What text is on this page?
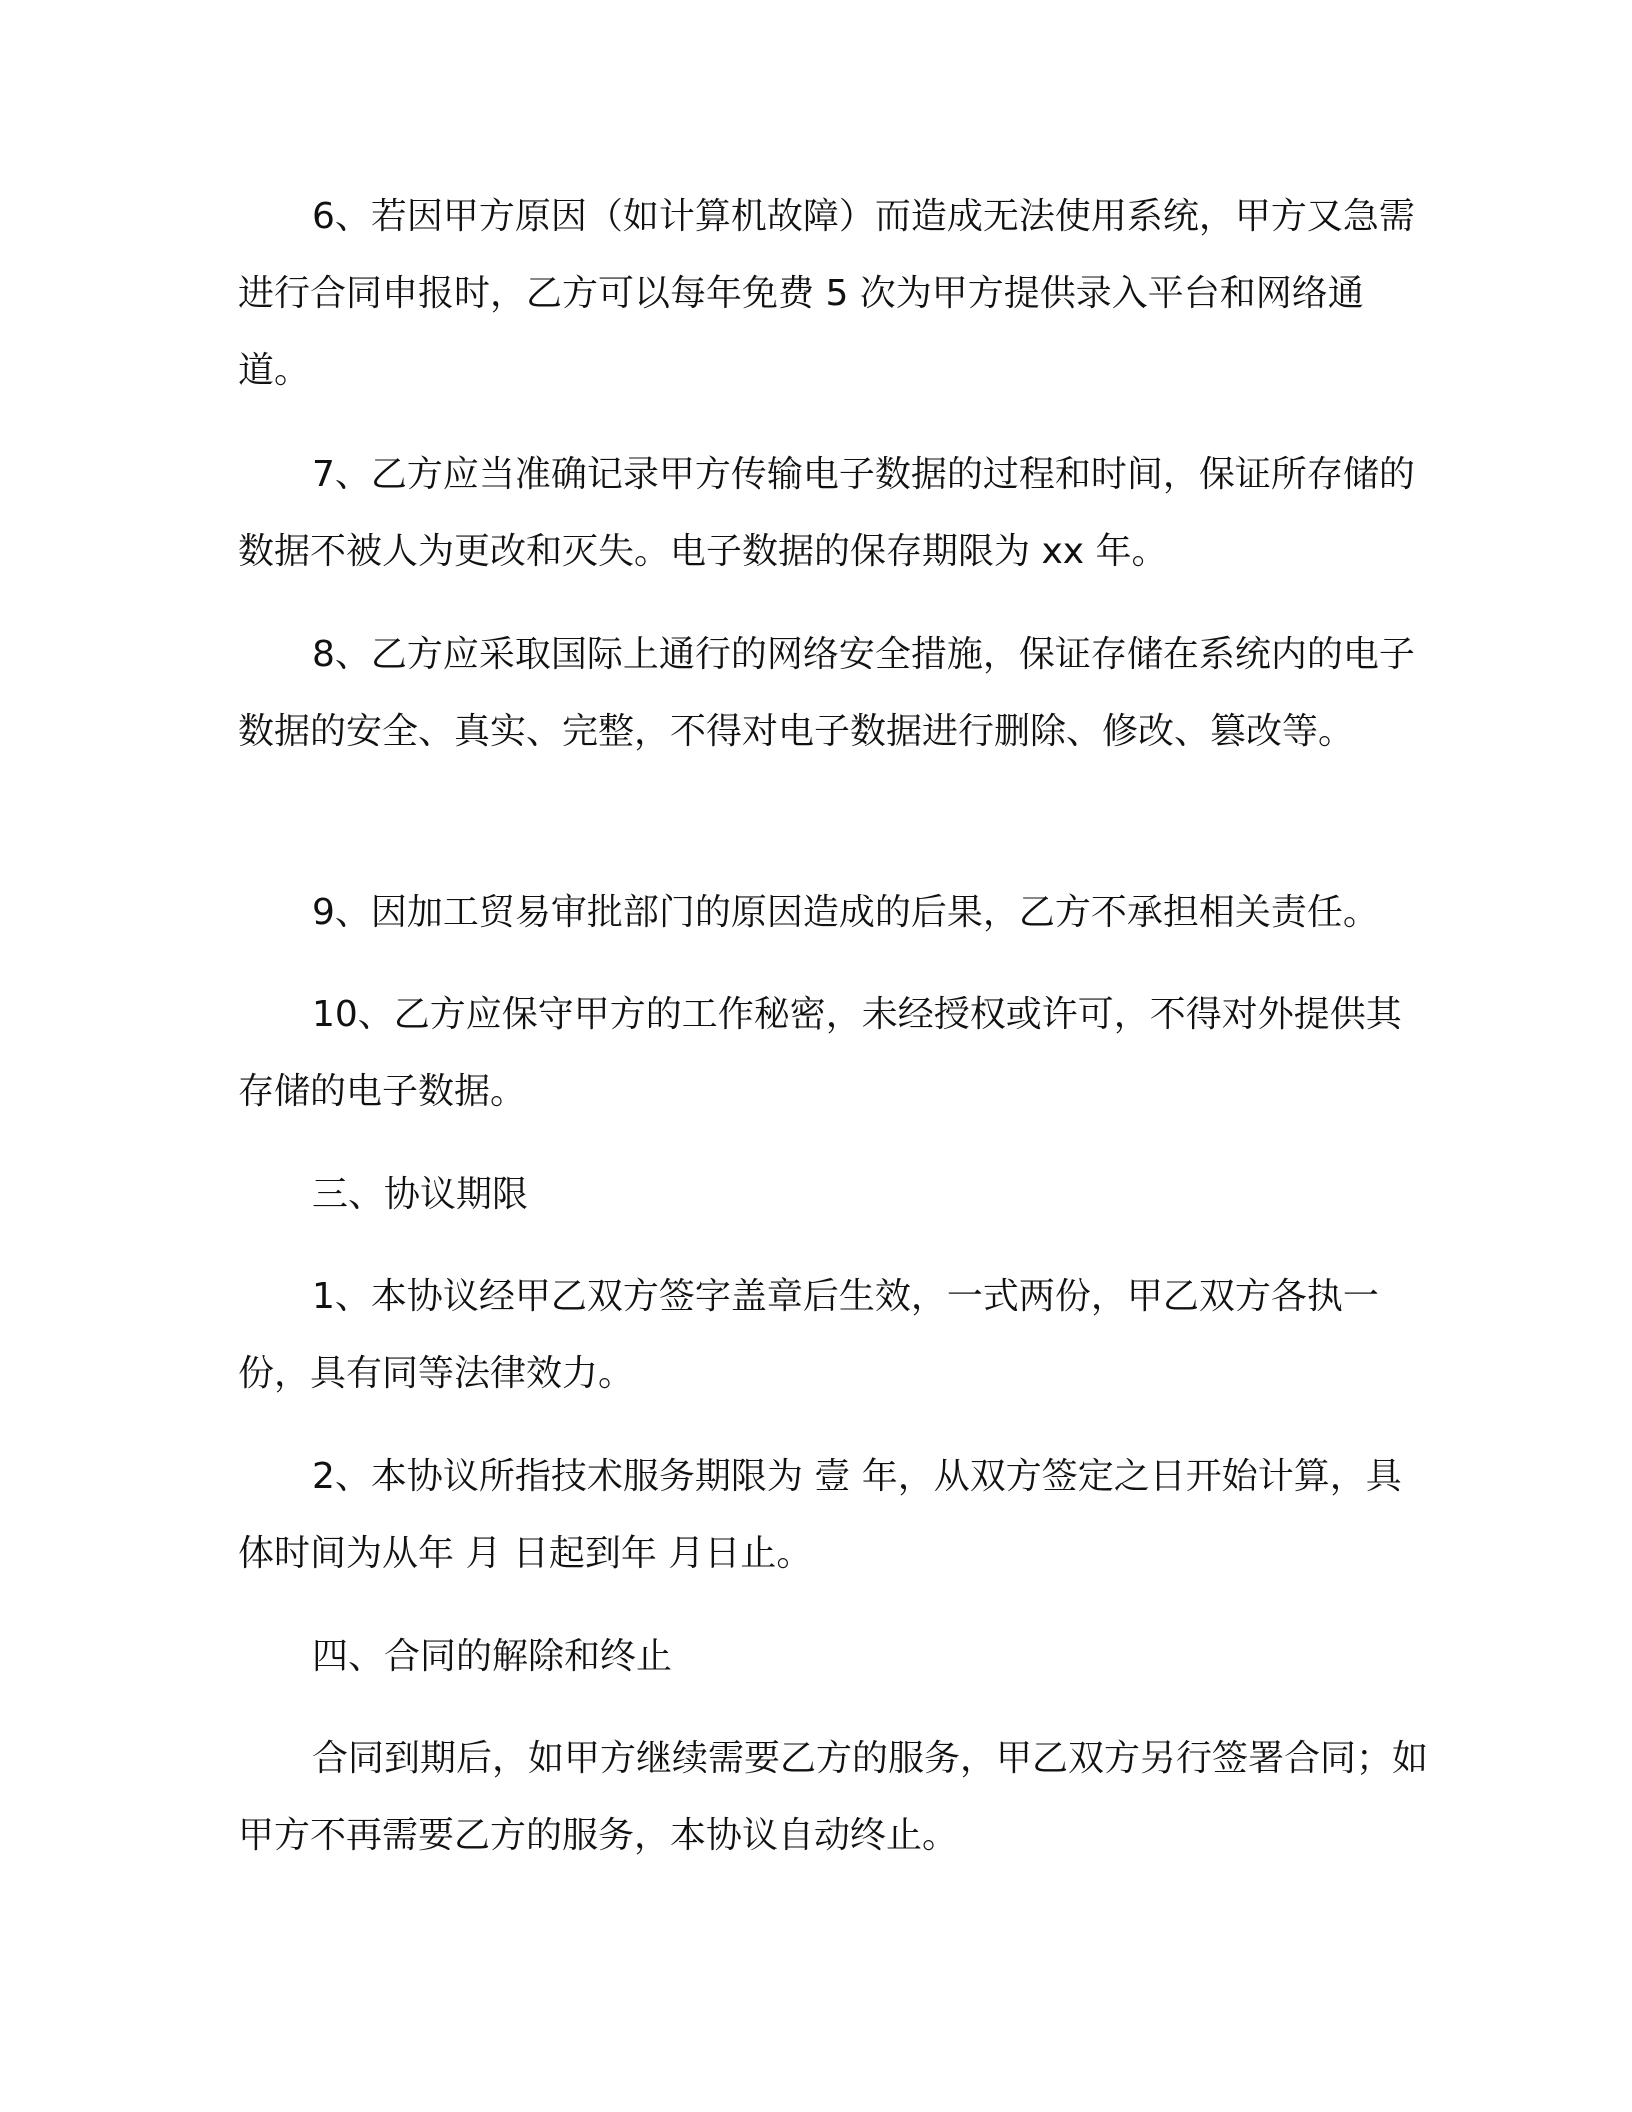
6、若因甲方原因（如计算机故障）而造成无法使用系统，甲方又急需进行合同申报时，乙方可以每年免费 5 次为甲方提供录入平台和网络通道。

7、乙方应当准确记录甲方传输电子数据的过程和时间，保证所存储的数据不被人为更改和灭失。电子数据的保存期限为 xx 年。

8、乙方应采取国际上通行的网络安全措施，保证存储在系统内的电子数据的安全、真实、完整，不得对电子数据进行删除、修改、篡改等。

9、因加工贸易审批部门的原因造成的后果，乙方不承担相关责任。

10、乙方应保守甲方的工作秘密，未经授权或许可，不得对外提供其存储的电子数据。

三、协议期限

1、本协议经甲乙双方签字盖章后生效，一式两份，甲乙双方各执一份，具有同等法律效力。

2、本协议所指技术服务期限为 壹 年，从双方签定之日开始计算，具体时间为从年 月 日起到年 月日止。

四、合同的解除和终止

合同到期后，如甲方继续需要乙方的服务，甲乙双方另行签署合同；如甲方不再需要乙方的服务，本协议自动终止。
